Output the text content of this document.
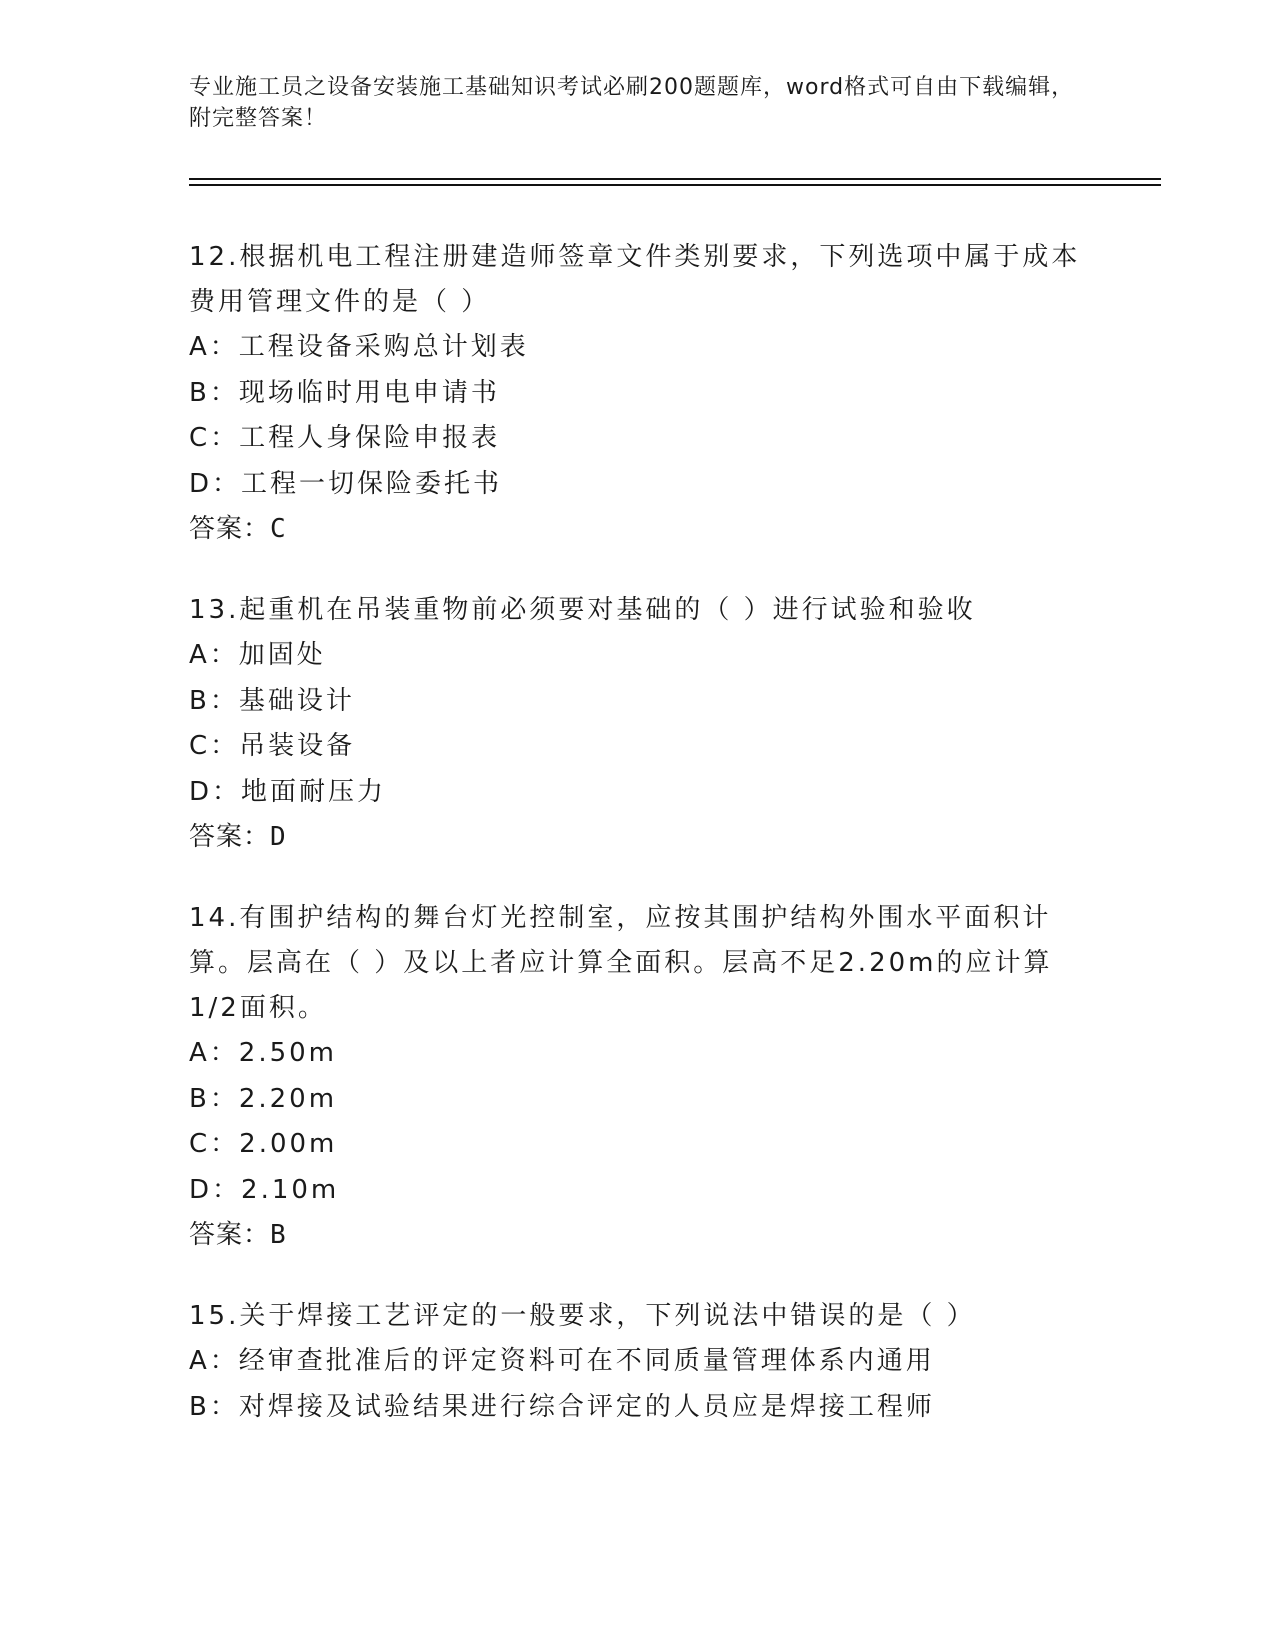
专业施工员之设备安装施工基础知识考试必刷200题题库，word格式可自由下载编辑，附完整答案！

12.根据机电工程注册建造师签章文件类别要求，下列选项中属于成本费用管理文件的是（ ）

A：工程设备采购总计划表
B：现场临时用电申请书
C：工程人身保险申报表
D：工程一切保险委托书
答案：C

13.起重机在吊装重物前必须要对基础的（ ）进行试验和验收

A：加固处
B：基础设计
C：吊装设备
D：地面耐压力
答案：D

14.有围护结构的舞台灯光控制室，应按其围护结构外围水平面积计算。层高在（ ）及以上者应计算全面积。层高不足2.20m的应计算1/2面积。

A：2.50m
B：2.20m
C：2.00m
D：2.10m
答案：B

15.关于焊接工艺评定的一般要求，下列说法中错误的是（ ）

A：经审查批准后的评定资料可在不同质量管理体系内通用
B：对焊接及试验结果进行综合评定的人员应是焊接工程师
